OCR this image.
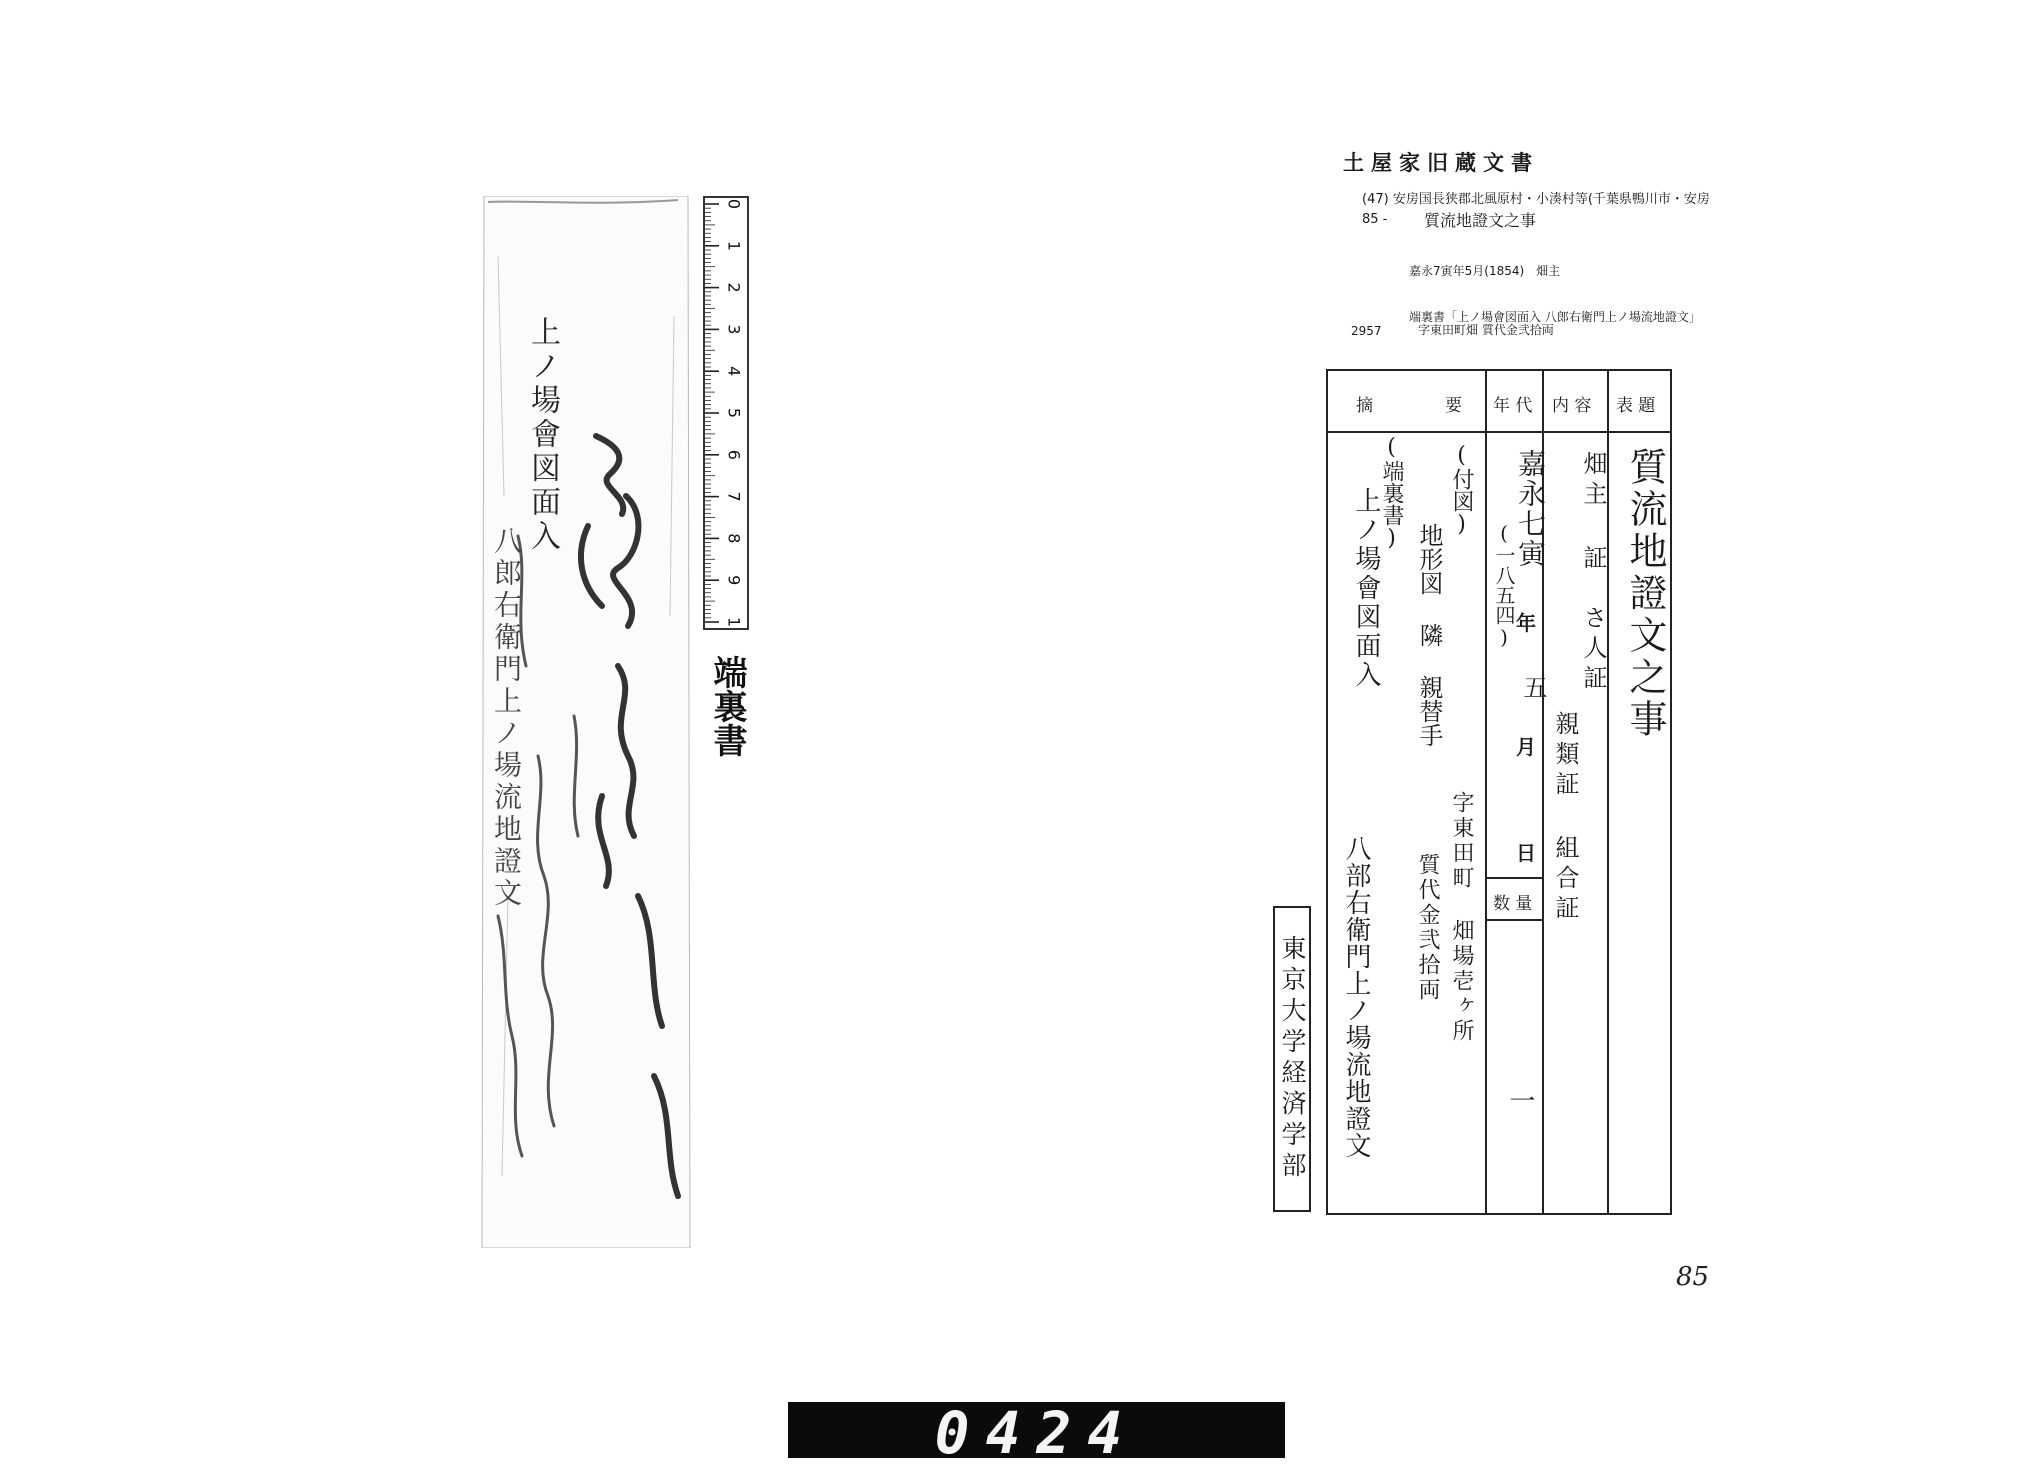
上ノ場會図面入
八郎右衛門上ノ場流地證文
0
1
2
3
4
5
6
7
8
9
1
端裏書
土屋家旧蔵文書
(47) 安房国長狭郡北風原村・小湊村等(千葉県鴨川市・安房
85 - 質流地證文之事
嘉永7寅年5月(1854)　畑主
端裏書「上ノ場會図面入 八郎右衛門上ノ場流地證文」
字東田町畑 質代金弐拾両
2957
摘	要 年 代 内 容 表 題
数 量
質流地證文之事
畑主 証　さ人証
親類証 組合証
嘉永七寅
(一八五四) 年
五
月
日
一
(付図)
地形図 隣 親替手
(端裏書)
上ノ場會図面入
八部右衛門上ノ場流地證文	字東田町 畑場壱ヶ所
質代金弐拾両
東京大学経済学部
85
0424
